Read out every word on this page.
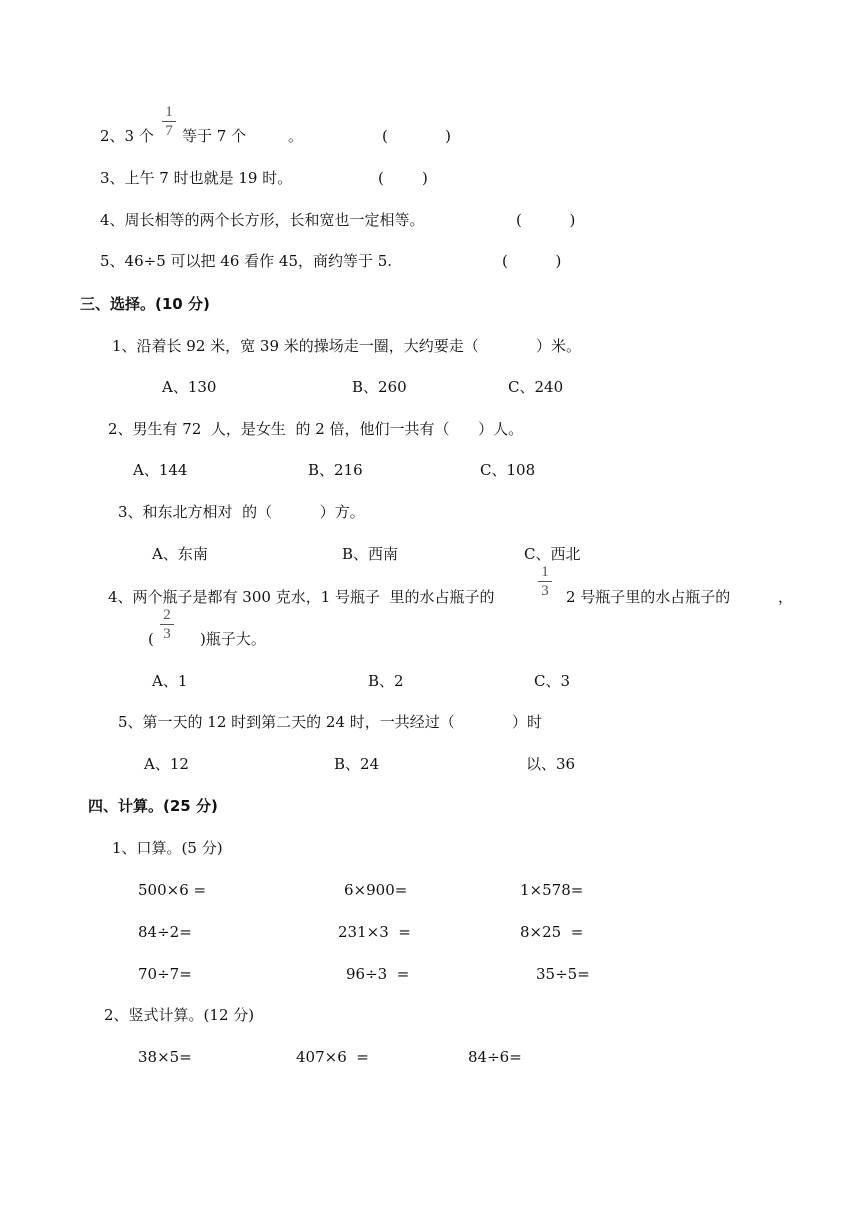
2、3 个
1
7 等于 7 个	。	(            )
3、上午 7 时也就是 19 时。	(        )
4、周长相等的两个长方形，长和宽也一定相等。	(          )
5、46÷5 可以把 46 看作 45，商约等于 5.	(          )
三、选择。(10 分)
1、沿着长 92 米，宽 39 米的操场走一圈，大约要走（            ）米。
A、130	B、260	C、240
2、男生有 72  人，是女生  的 2 倍，他们一共有（      ）人。
A、144	B、216	C、108
3、和东北方相对  的（          ）方。
A、东南	B、西南	C、西北
4、两个瓶子是都有 300 克水，1 号瓶子  里的水占瓶子的
1
3 2 号瓶子里的水占瓶子的	，
(
2
3 )瓶子大。
A、1	B、2	C、3
5、第一天的 12 时到第二天的 24 时，一共经过（            ）时
A、12	B、24	以、36
四、计算。(25 分)
1、口算。(5 分)
500×6 =	6×900=	1×578=
84÷2=	231×3  =	8×25  =
70÷7=	96÷3  =	35÷5=
2、竖式计算。(12 分)
38×5=	407×6  =	84÷6=
